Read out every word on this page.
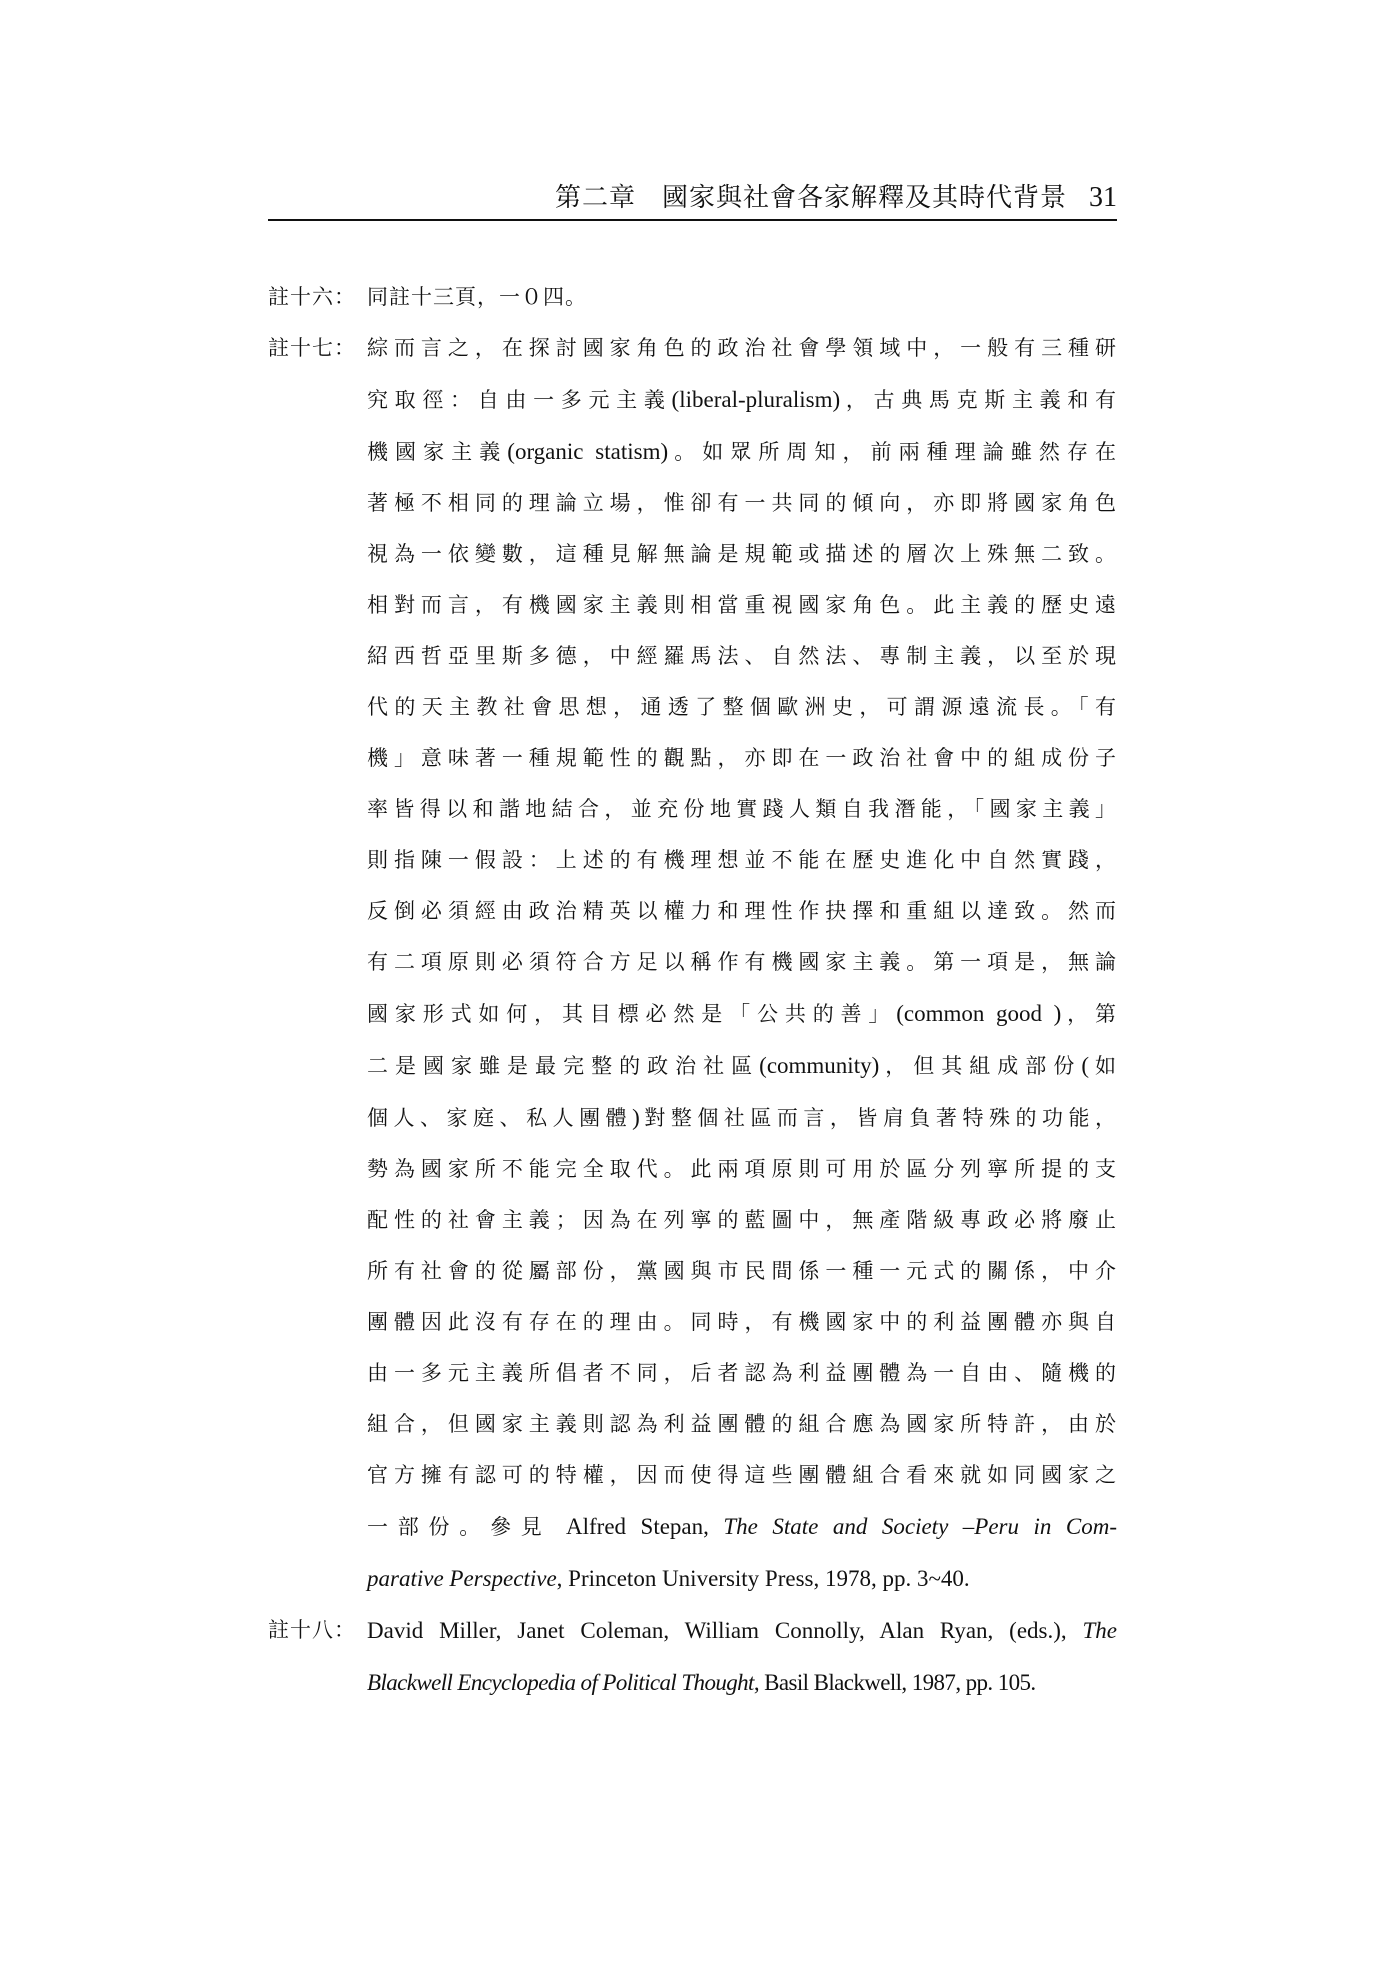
第二章 國家與社會各家解釋及其時代背景 31
註十六： 同註十三頁，一０四。

註十七： 綜而言之，在探討國家角色的政治社會學領域中，一般有三種研
究取徑：自由一多元主義(liberal-pluralism)，古典馬克斯主義和有
機國家主義(organic statism)。如眾所周知，前兩種理論雖然存在
著極不相同的理論立場，惟卻有一共同的傾向，亦即將國家角色
視為一依變數，這種見解無論是規範或描述的層次上殊無二致。
相對而言，有機國家主義則相當重視國家角色。此主義的歷史遠
紹西哲亞里斯多德，中經羅馬法、自然法、專制主義，以至於現
代的天主教社會思想，通透了整個歐洲史，可謂源遠流長。「有
機」意味著一種規範性的觀點，亦即在一政治社會中的組成份子
率皆得以和諧地結合，並充份地實踐人類自我潛能，「國家主義」
則指陳一假設：上述的有機理想並不能在歷史進化中自然實踐，
反倒必須經由政治精英以權力和理性作抉擇和重組以達致。然而
有二項原則必須符合方足以稱作有機國家主義。第一項是，無論
國家形式如何，其目標必然是「公共的善」(common good )，第
二是國家雖是最完整的政治社區(community)，但其組成部份(如
個人、家庭、私人團體)對整個社區而言，皆肩負著特殊的功能，
勢為國家所不能完全取代。此兩項原則可用於區分列寧所提的支
配性的社會主義；因為在列寧的藍圖中，無產階級專政必將廢止
所有社會的從屬部份，黨國與市民間係一種一元式的關係，中介
團體因此沒有存在的理由。同時，有機國家中的利益團體亦與自
由一多元主義所倡者不同，后者認為利益團體為一自由、隨機的
組合，但國家主義則認為利益團體的組合應為國家所特許，由於
官方擁有認可的特權，因而使得這些團體組合看來就如同國家之
一部份。參見 Alfred Stepan, The State and Society –Peru in Com-
parative Perspective, Princeton University Press, 1978, pp. 3~40.

註十八： David Miller, Janet Coleman, William Connolly, Alan Ryan, (eds.), The
Blackwell Encyclopedia of Political Thought, Basil Blackwell, 1987, pp. 105.
